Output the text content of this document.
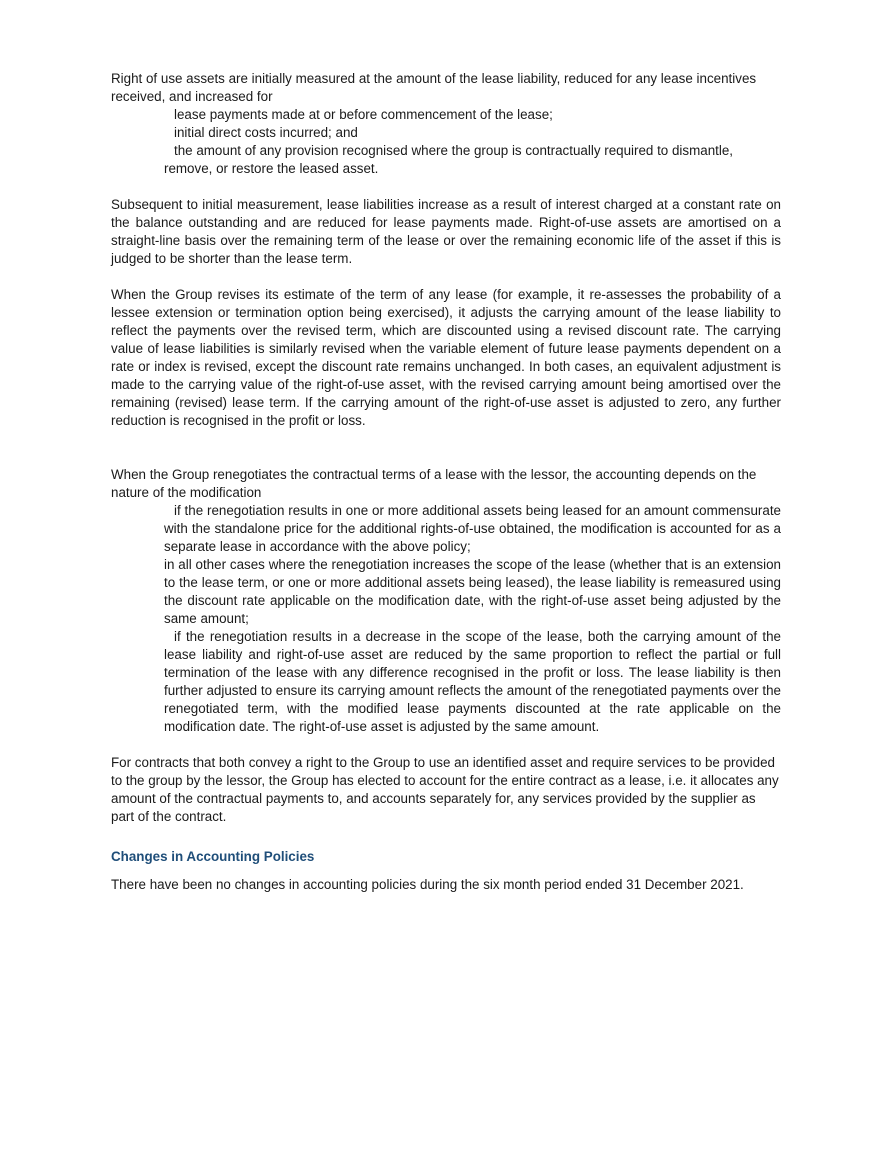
Right of use assets are initially measured at the amount of the lease liability, reduced for any lease incentives received, and increased for

lease payments made at or before commencement of the lease;

initial direct costs incurred; and

the amount of any provision recognised where the group is contractually required to dismantle, remove, or restore the leased asset.

Subsequent to initial measurement, lease liabilities increase as a result of interest charged at a constant rate on the balance outstanding and are reduced for lease payments made. Right-of-use assets are amortised on a straight-line basis over the remaining term of the lease or over the remaining economic life of the asset if this is judged to be shorter than the lease term.

When the Group revises its estimate of the term of any lease (for example, it re-assesses the probability of a lessee extension or termination option being exercised), it adjusts the carrying amount of the lease liability to reflect the payments over the revised term, which are discounted using a revised discount rate. The carrying value of lease liabilities is similarly revised when the variable element of future lease payments dependent on a rate or index is revised, except the discount rate remains unchanged. In both cases, an equivalent adjustment is made to the carrying value of the right-of-use asset, with the revised carrying amount being amortised over the remaining (revised) lease term. If the carrying amount of the right-of-use asset is adjusted to zero, any further reduction is recognised in the profit or loss.

When the Group renegotiates the contractual terms of a lease with the lessor, the accounting depends on the nature of the modification

if the renegotiation results in one or more additional assets being leased for an amount commensurate with the standalone price for the additional rights-of-use obtained, the modification is accounted for as a separate lease in accordance with the above policy;

in all other cases where the renegotiation increases the scope of the lease (whether that is an extension to the lease term, or one or more additional assets being leased), the lease liability is remeasured using the discount rate applicable on the modification date, with the right-of-use asset being adjusted by the same amount;

if the renegotiation results in a decrease in the scope of the lease, both the carrying amount of the lease liability and right-of-use asset are reduced by the same proportion to reflect the partial or full termination of the lease with any difference recognised in the profit or loss. The lease liability is then further adjusted to ensure its carrying amount reflects the amount of the renegotiated payments over the renegotiated term, with the modified lease payments discounted at the rate applicable on the modification date. The right-of-use asset is adjusted by the same amount.

For contracts that both convey a right to the Group to use an identified asset and require services to be provided to the group by the lessor, the Group has elected to account for the entire contract as a lease, i.e. it allocates any amount of the contractual payments to, and accounts separately for, any services provided by the supplier as part of the contract.

Changes in Accounting Policies

There have been no changes in accounting policies during the six month period ended 31 December 2021.
